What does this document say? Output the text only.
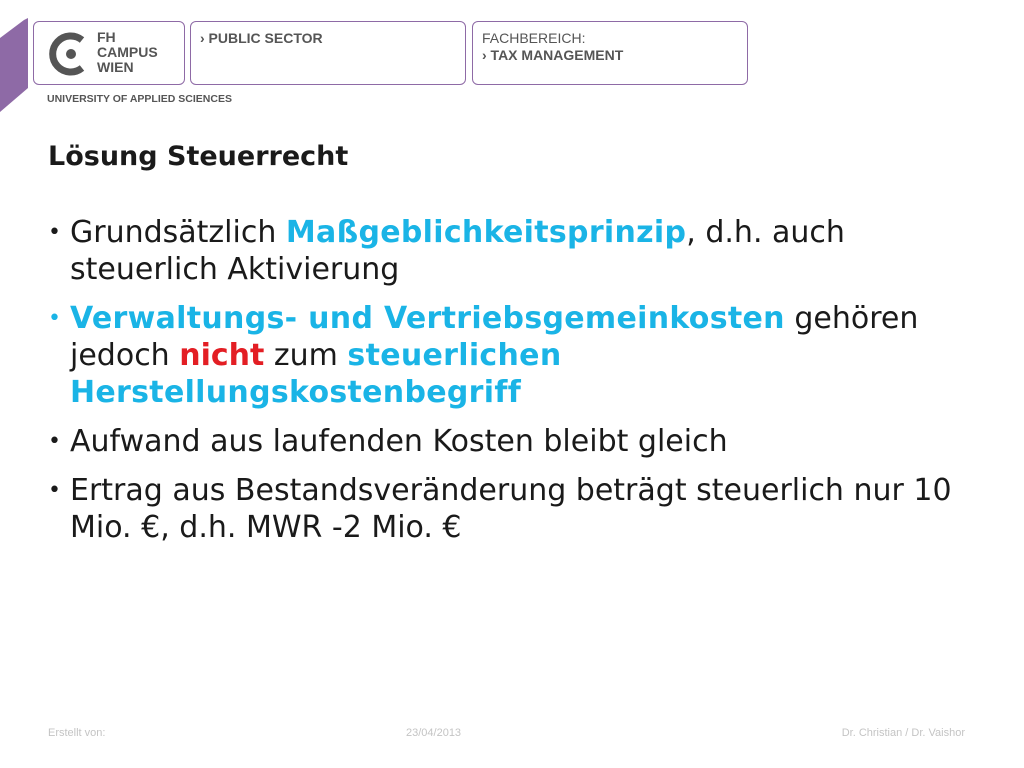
FH
CAMPUS
WIEN
› PUBLIC SECTOR	FACHBEREICH:
› TAX MANAGEMENT
UNIVERSITY OF APPLIED SCIENCES
Lösung Steuerrecht
• Grundsätzlich Maßgeblichkeitsprinzip, d.h. auch steuerlich Aktivierung
• Verwaltungs- und Vertriebsgemeinkosten gehören jedoch nicht zum steuerlichen Herstellungskostenbegriff
• Aufwand aus laufenden Kosten bleibt gleich
• Ertrag aus Bestandsveränderung beträgt steuerlich nur 10 Mio. €, d.h. MWR -2 Mio. €
Erstellt von:	23/04/2013	Dr. Christian / Dr. Vaishor
